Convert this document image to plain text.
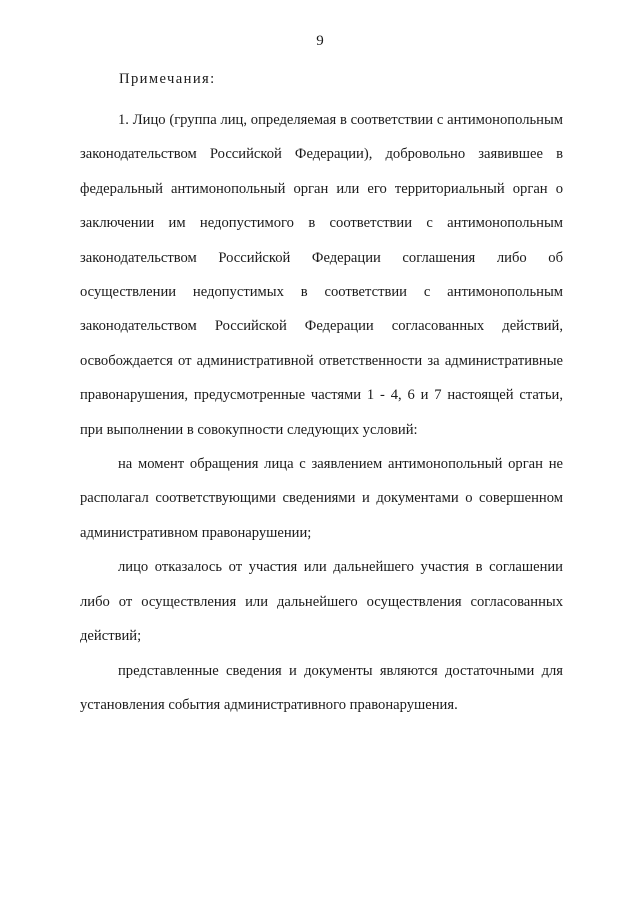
9
Примечания:

1. Лицо (группа лиц, определяемая в соответствии с антимонопольным законодательством Российской Федерации), добровольно заявившее в федеральный антимонопольный орган или его территориальный орган о заключении им недопустимого в соответствии с антимонопольным законодательством Российской Федерации соглашения либо об осуществлении недопустимых в соответствии с антимонопольным законодательством Российской Федерации согласованных действий, освобождается от административной ответственности за административные правонарушения, предусмотренные частями 1 - 4, 6 и 7 настоящей статьи, при выполнении в совокупности следующих условий:

на момент обращения лица с заявлением антимонопольный орган не располагал соответствующими сведениями и документами о совершенном административном правонарушении;

лицо отказалось от участия или дальнейшего участия в соглашении либо от осуществления или дальнейшего осуществления согласованных действий;

представленные сведения и документы являются достаточными для установления события административного правонарушения.
